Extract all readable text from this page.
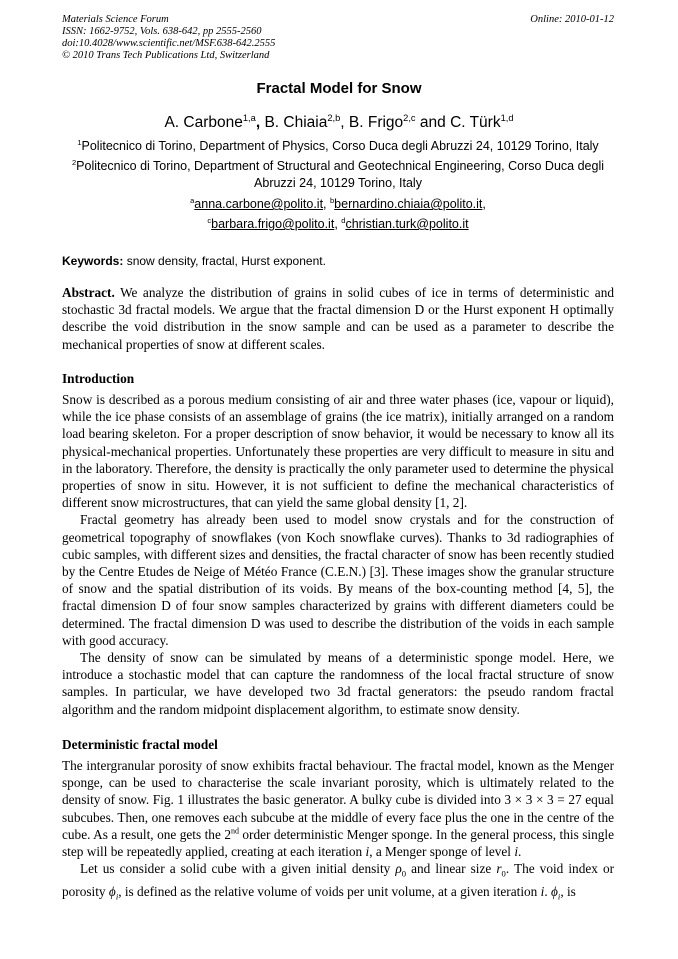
Materials Science Forum
ISSN: 1662-9752, Vols. 638-642, pp 2555-2560
doi:10.4028/www.scientific.net/MSF.638-642.2555
© 2010 Trans Tech Publications Ltd, Switzerland
Online: 2010-01-12
Fractal Model for Snow
A. Carbone$^{1,a}$, B. Chiaia$^{2,b}$, B. Frigo$^{2,c}$ and C. Türk$^{1,d}$
$^1$Politecnico di Torino, Department of Physics, Corso Duca degli Abruzzi 24, 10129 Torino, Italy
$^2$Politecnico di Torino, Department of Structural and Geotechnical Engineering, Corso Duca degli Abruzzi 24, 10129 Torino, Italy
$^a$anna.carbone@polito.it, $^b$bernardino.chiaia@polito.it,
$^c$barbara.frigo@polito.it, $^d$christian.turk@polito.it
Keywords: snow density, fractal, Hurst exponent.

Abstract. We analyze the distribution of grains in solid cubes of ice in terms of deterministic and stochastic 3d fractal models. We argue that the fractal dimension D or the Hurst exponent H optimally describe the void distribution in the snow sample and can be used as a parameter to describe the mechanical properties of snow at different scales.

Introduction

Snow is described as a porous medium consisting of air and three water phases (ice, vapour or liquid), while the ice phase consists of an assemblage of grains (the ice matrix), initially arranged on a random load bearing skeleton. For a proper description of snow behavior, it would be necessary to know all its physical-mechanical properties. Unfortunately these properties are very difficult to measure in situ and in the laboratory. Therefore, the density is practically the only parameter used to determine the physical properties of snow in situ. However, it is not sufficient to define the mechanical characteristics of different snow microstructures, that can yield the same global density [1, 2].

Fractal geometry has already been used to model snow crystals and for the construction of geometrical topography of snowflakes (von Koch snowflake curves). Thanks to 3d radiographies of cubic samples, with different sizes and densities, the fractal character of snow has been recently studied by the Centre Etudes de Neige of Météo France (C.E.N.) [3]. These images show the granular structure of snow and the spatial distribution of its voids. By means of the box-counting method [4, 5], the fractal dimension D of four snow samples characterized by grains with different diameters could be determined. The fractal dimension D was used to describe the distribution of the voids in each sample with good accuracy.

The density of snow can be simulated by means of a deterministic sponge model. Here, we introduce a stochastic model that can capture the randomness of the local fractal structure of snow samples. In particular, we have developed two 3d fractal generators: the pseudo random fractal algorithm and the random midpoint displacement algorithm, to estimate snow density.

Deterministic fractal model

The intergranular porosity of snow exhibits fractal behaviour. The fractal model, known as the Menger sponge, can be used to characterise the scale invariant porosity, which is ultimately related to the density of snow. Fig. 1 illustrates the basic generator. A bulky cube is divided into 3 × 3 × 3 = 27 equal subcubes. Then, one removes each subcube at the middle of every face plus the one in the centre of the cube. As a result, one gets the 2nd order deterministic Menger sponge. In the general process, this single step will be repeatedly applied, creating at each iteration i, a Menger sponge of level i.

Let us consider a solid cube with a given initial density $\rho_0$ and linear size $r_0$. The void index or porosity $\phi_i$, is defined as the relative volume of voids per unit volume, at a given iteration i. $\phi_i$, is
